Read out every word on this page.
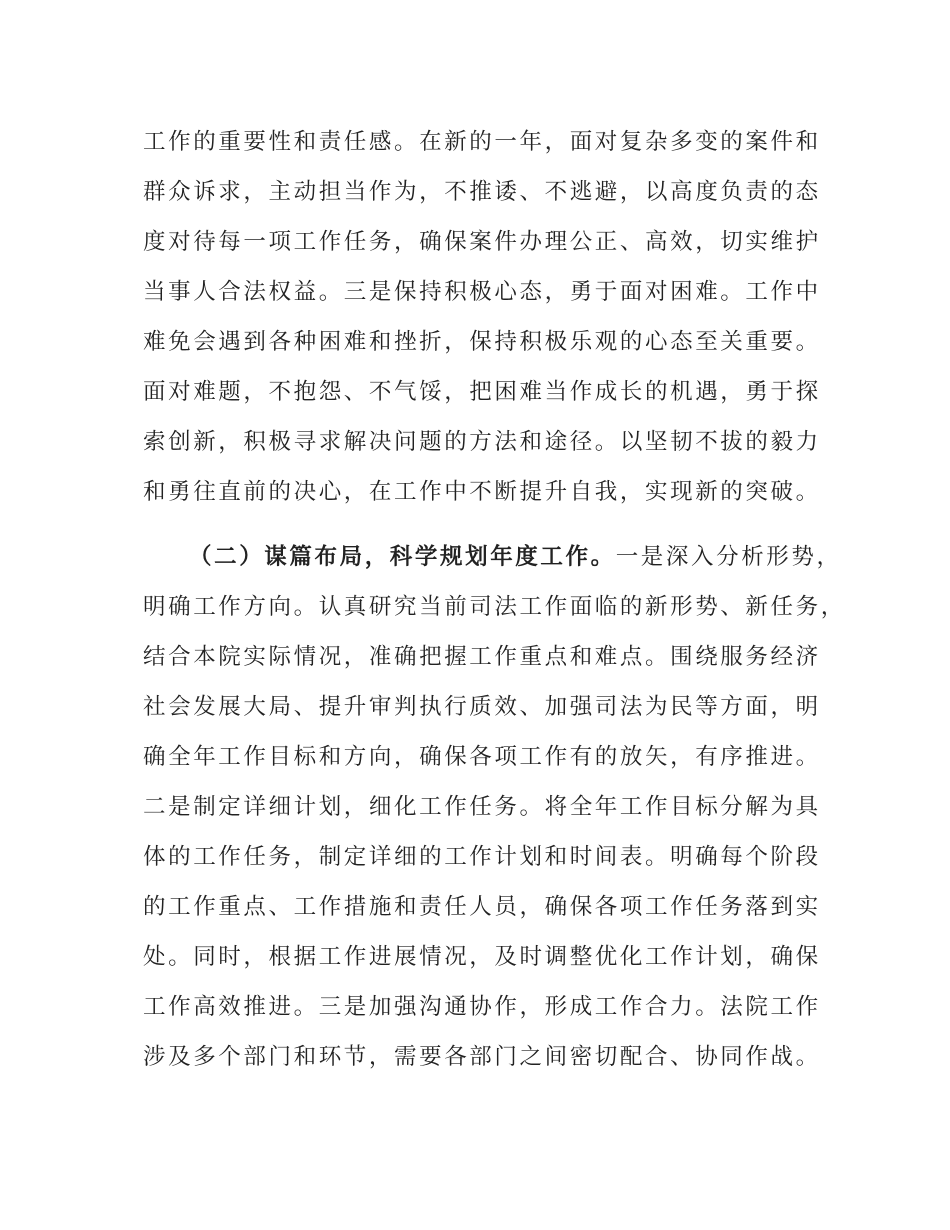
工作的重要性和责任感。在新的一年，面对复杂多变的案件和
群众诉求，主动担当作为，不推诿、不逃避，以高度负责的态
度对待每一项工作任务，确保案件办理公正、高效，切实维护
当事人合法权益。三是保持积极心态，勇于面对困难。工作中
难免会遇到各种困难和挫折，保持积极乐观的心态至关重要。
面对难题，不抱怨、不气馁，把困难当作成长的机遇，勇于探
索创新，积极寻求解决问题的方法和途径。以坚韧不拔的毅力
和勇往直前的决心，在工作中不断提升自我，实现新的突破。
（二）谋篇布局，科学规划年度工作。一是深入分析形势，
明确工作方向。认真研究当前司法工作面临的新形势、新任务，
结合本院实际情况，准确把握工作重点和难点。围绕服务经济
社会发展大局、提升审判执行质效、加强司法为民等方面，明
确全年工作目标和方向，确保各项工作有的放矢，有序推进。
二是制定详细计划，细化工作任务。将全年工作目标分解为具
体的工作任务，制定详细的工作计划和时间表。明确每个阶段
的工作重点、工作措施和责任人员，确保各项工作任务落到实
处。同时，根据工作进展情况，及时调整优化工作计划，确保
工作高效推进。三是加强沟通协作，形成工作合力。法院工作
涉及多个部门和环节，需要各部门之间密切配合、协同作战。
